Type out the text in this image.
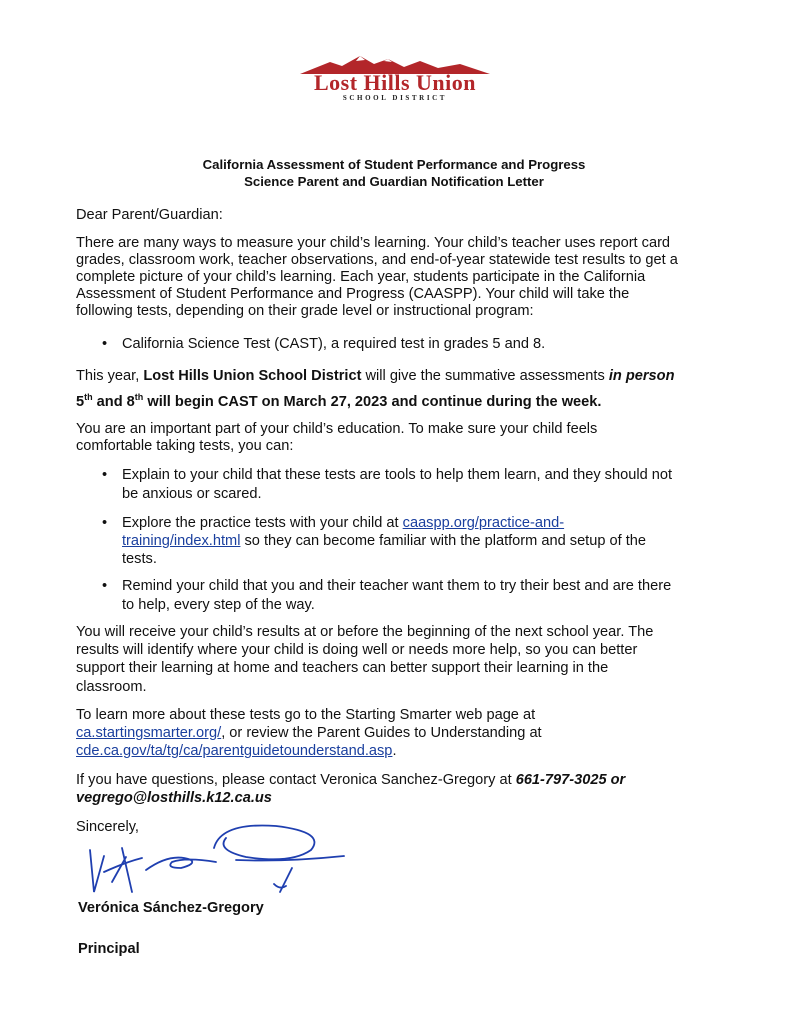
Lost Hills Union
SCHOOL DISTRICT
California Assessment of Student Performance and Progress
Science Parent and Guardian Notification Letter

Dear Parent/Guardian:

There are many ways to measure your child’s learning. Your child’s teacher uses report card

grades, classroom work, teacher observations, and end-of-year statewide test results to get a

complete picture of your child’s learning. Each year, students participate in the California

Assessment of Student Performance and Progress (CAASPP). Your child will take the

following tests, depending on their grade level or instructional program:

• California Science Test (CAST), a required test in grades 5 and 8.

This year, Lost Hills Union School District will give the summative assessments in person

5th and 8th will begin CAST on March 27, 2023 and continue during the week.

You are an important part of your child’s education. To make sure your child feels

comfortable taking tests, you can:

• Explain to your child that these tests are tools to help them learn, and they should not

be anxious or scared.

• Explore the practice tests with your child at caaspp.org/practice-and-

training/index.html so they can become familiar with the platform and setup of the

tests.

• Remind your child that you and their teacher want them to try their best and are there

to help, every step of the way.

You will receive your child’s results at or before the beginning of the next school year. The

results will identify where your child is doing well or needs more help, so you can better

support their learning at home and teachers can better support their learning in the

classroom.

To learn more about these tests go to the Starting Smarter web page at

ca.startingsmarter.org/, or review the Parent Guides to Understanding at

cde.ca.gov/ta/tg/ca/parentguidetounderstand.asp.

If you have questions, please contact Veronica Sanchez-Gregory at 661-797-3025 or

vegrego@losthills.k12.ca.us

Sincerely,

Verónica Sánchez-Gregory
Principal
